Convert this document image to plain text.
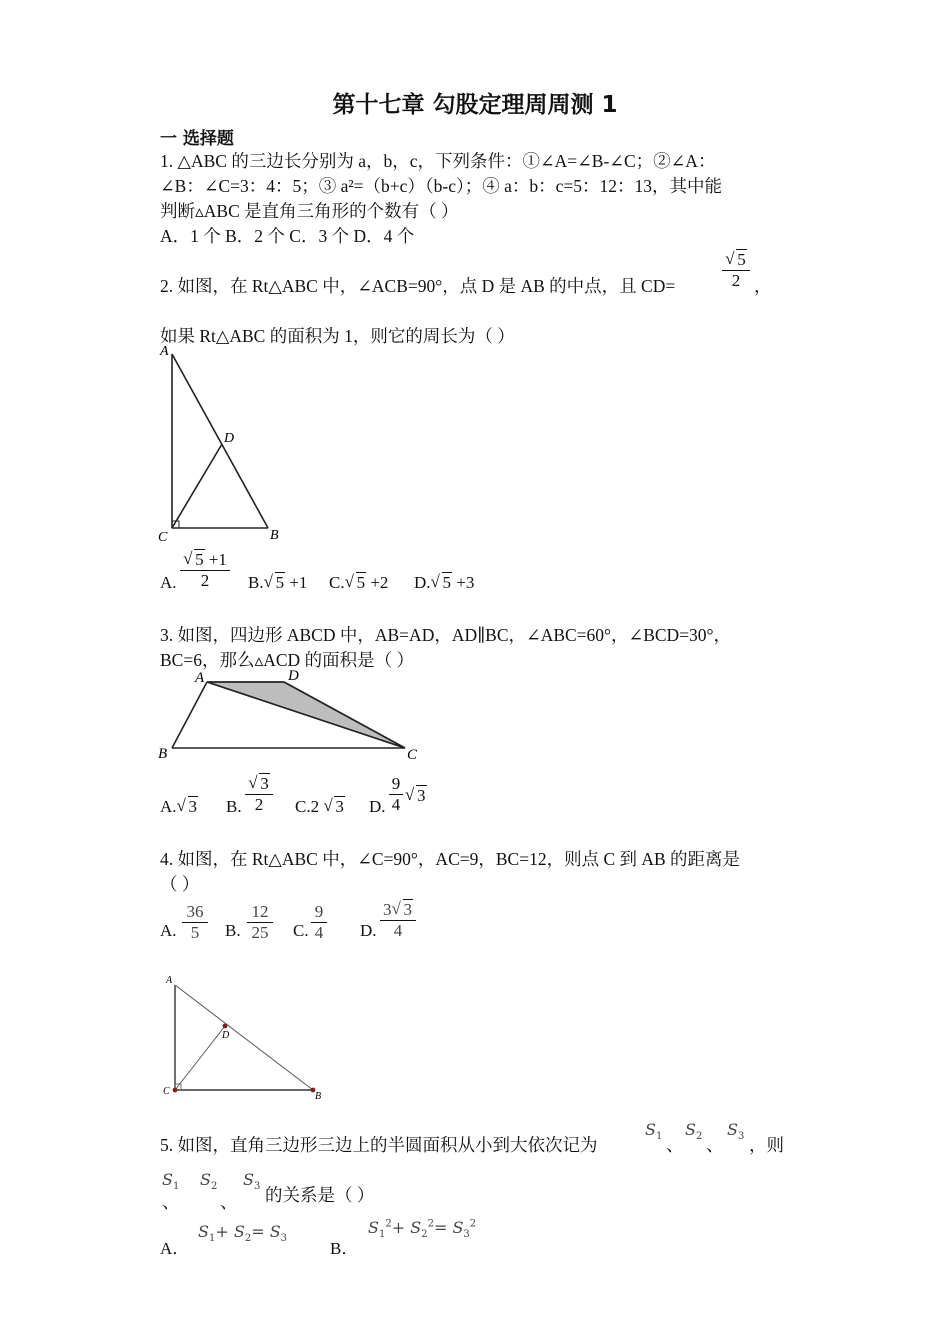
第十七章 勾股定理周周测 1
一 选择题
1. △ABC 的三边长分别为 a，b，c，下列条件：①∠A=∠B-∠C；②∠A：
∠B：∠C=3：4：5；③ a²=（b+c）（b-c）；④ a：b：c=5：12：13，其中能
判断▵ABC 是直角三角形的个数有（ ）
A．1 个 B．2 个 C．3 个 D．4 个
2. 如图，在 Rt△ABC 中，∠ACB=90°，点 D 是 AB 的中点，且 CD=
√	$\frac{5}{2}$ ，
如果 Rt△ABC 的面积为 1，则它的周长为（ ）
A
D
C	B
A.
√ $\frac{5 +1}{2} B.√$ 5 +1 C.√ 5 +2 D.√ 5 +3
3. 如图，四边形 ABCD 中，AB=AD，AD∥BC，∠ABC=60°，∠BCD=30°，
BC=6，那么▵ACD 的面积是（ ）
A	D
B	C
A.√ 3 B.
√ $\frac{3}{2} C.2$ √ 3 D. $\frac{9}{4}$
√ 3
4. 如图，在 Rt△ABC 中，∠C=90°，AC=9，BC=12，则点 C 到 AB 的距离是
（ ）
A. $\frac{36}{5} B$. $\frac{12}{25} C$. $\frac{9}{4} D$. $\frac{3√ 3}{4}$
A
D
C	B
5. 如图，直角三边形三边上的半圆面积从小到大依次记为
$S_1$ 、
$S_2$ 、
$S_3$ ，则
$S_1$
、
$S_2$
、
$S_3$ 的关系是（ ）
A．
$S_1+ S_2= S_3$
B．
$S_1^2+ S_2^2= S_3^2$
